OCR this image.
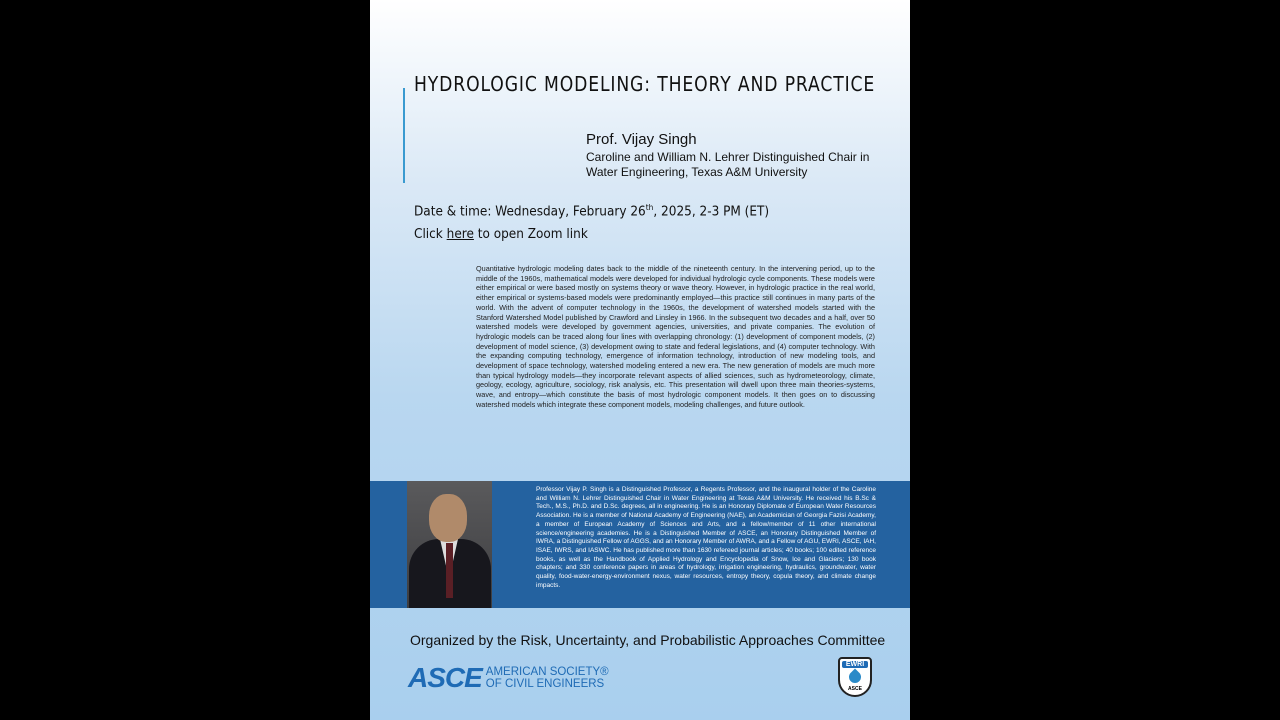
HYDROLOGIC MODELING: THEORY AND PRACTICE
Prof. Vijay Singh
Caroline and William N. Lehrer Distinguished Chair in
Water Engineering, Texas A&M University
Date & time: Wednesday, February 26th, 2025, 2-3 PM (ET)
Click here to open Zoom link
Quantitative hydrologic modeling dates back to the middle of the nineteenth century. In the intervening period, up to the middle of the 1960s, mathematical models were developed for individual hydrologic cycle components. These models were either empirical or were based mostly on systems theory or wave theory. However, in hydrologic practice in the real world, either empirical or systems-based models were predominantly employed—this practice still continues in many parts of the world. With the advent of computer technology in the 1960s, the development of watershed models started with the Stanford Watershed Model published by Crawford and Linsley in 1966. In the subsequent two decades and a half, over 50 watershed models were developed by government agencies, universities, and private companies. The evolution of hydrologic models can be traced along four lines with overlapping chronology: (1) development of component models, (2) development of model science, (3) development owing to state and federal legislations, and (4) computer technology. With the expanding computing technology, emergence of information technology, introduction of new modeling tools, and development of space technology, watershed modeling entered a new era. The new generation of models are much more than typical hydrology models—they incorporate relevant aspects of allied sciences, such as hydrometeorology, climate, geology, ecology, agriculture, sociology, risk analysis, etc. This presentation will dwell upon three main theories-systems, wave, and entropy—which constitute the basis of most hydrologic component models. It then goes on to discussing watershed models which integrate these component models, modeling challenges, and future outlook.
Professor Vijay P. Singh is a Distinguished Professor, a Regents Professor, and the inaugural holder of the Caroline and William N. Lehrer Distinguished Chair in Water Engineering at Texas A&M University. He received his B.Sc & Tech., M.S., Ph.D. and D.Sc. degrees, all in engineering. He is an Honorary Diplomate of European Water Resources Association. He is a member of National Academy of Engineering (NAE), an Academician of Georgia Fazisi Academy, a member of European Academy of Sciences and Arts, and a fellow/member of 11 other international science/engineering academies. He is a Distinguished Member of ASCE, an Honorary Distinguished Member of IWRA, a Distinguished Fellow of AGGS, and an Honorary Member of AWRA, and a Fellow of AGU, EWRI, ASCE, IAH, ISAE, IWRS, and IASWC. He has published more than 1630 refereed journal articles; 40 books; 100 edited reference books, as well as the Handbook of Applied Hydrology and Encyclopedia of Snow, Ice and Glaciers; 130 book chapters; and 330 conference papers in areas of hydrology, irrigation engineering, hydraulics, groundwater, water quality, food-water-energy-environment nexus, water resources, entropy theory, copula theory, and climate change impacts.
Organized by the Risk, Uncertainty, and Probabilistic Approaches Committee
ASCE AMERICAN SOCIETY®
OF CIVIL ENGINEERS
EWRI
ASCE
